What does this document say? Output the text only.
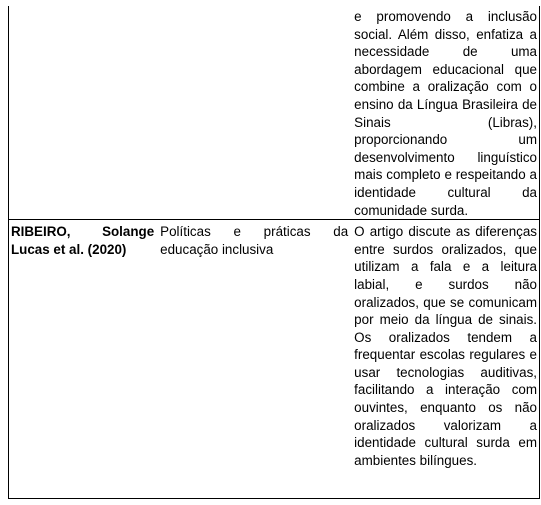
		e promovendo a inclusão social. Além disso, enfatiza a necessidade de uma abordagem educacional que combine a oralização com o ensino da Língua Brasileira de Sinais (Libras), proporcionando um desenvolvimento linguístico mais completo e respeitando a identidade cultural da comunidade surda.
RIBEIRO, Solange Lucas et al. (2020)	Políticas e práticas da educação inclusiva	O artigo discute as diferenças entre surdos oralizados, que utilizam a fala e a leitura labial, e surdos não oralizados, que se comunicam por meio da língua de sinais. Os oralizados tendem a frequentar escolas regulares e usar tecnologias auditivas, facilitando a interação com ouvintes, enquanto os não oralizados valorizam a identidade cultural surda em ambientes bilíngues.
